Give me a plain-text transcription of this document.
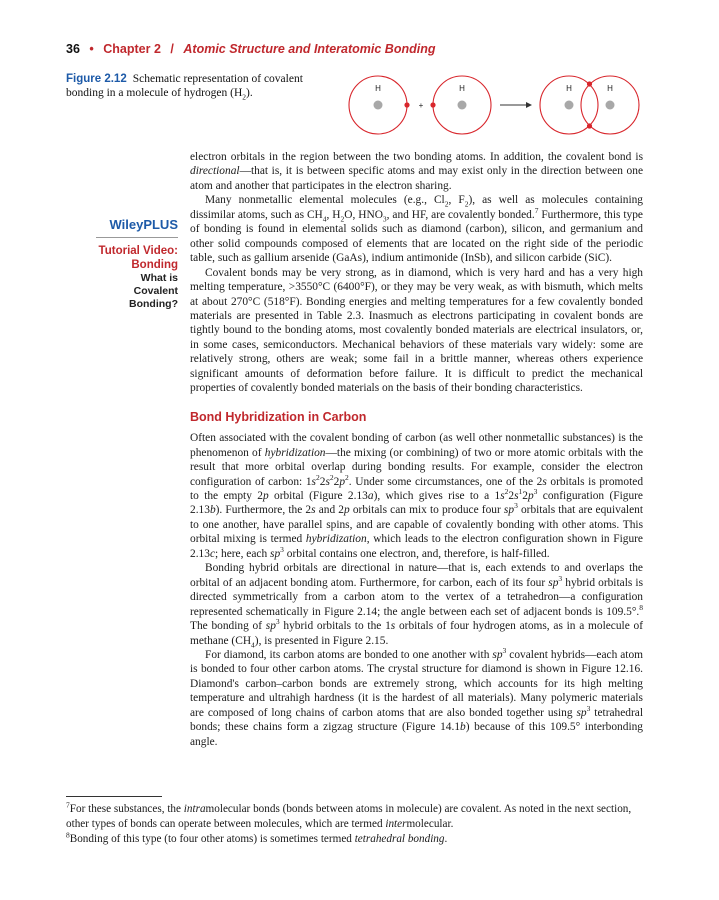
36 • Chapter 2 / Atomic Structure and Interatomic Bonding
Figure 2.12 Schematic representation of covalent bonding in a molecule of hydrogen $(H_2)$.	H
+
H	H	H
WileyPLUS
Tutorial Video:
Bonding
What is Covalent
Bonding?

electron orbitals in the region between the two bonding atoms. In addition, the covalent bond is directional—that is, it is between specific atoms and may exist only in the direction between one atom and another that participates in the electron sharing.

Many nonmetallic elemental molecules (e.g., $Cl_2$, $F_2$), as well as molecules containing dissimilar atoms, such as $CH_4$, $H_2O$, $HNO_3$, and HF, are covalently bonded.$^7$ Furthermore, this type of bonding is found in elemental solids such as diamond (carbon), silicon, and germanium and other solid compounds composed of elements that are located on the right side of the periodic table, such as gallium arsenide (GaAs), indium antimonide (InSb), and silicon carbide (SiC).

Covalent bonds may be very strong, as in diamond, which is very hard and has a very high melting temperature, >3550°C (6400°F), or they may be very weak, as with bismuth, which melts at about 270°C (518°F). Bonding energies and melting temperatures for a few covalently bonded materials are presented in Table 2.3. Inasmuch as electrons participating in covalent bonds are tightly bound to the bonding atoms, most covalently bonded materials are electrical insulators, or, in some cases, semiconductors. Mechanical behaviors of these materials vary widely: some are relatively strong, others are weak; some fail in a brittle manner, whereas others experience significant amounts of deformation before failure. It is difficult to predict the mechanical properties of covalently bonded materials on the basis of their bonding characteristics.

Bond Hybridization in Carbon

Often associated with the covalent bonding of carbon (as well other nonmetallic substances) is the phenomenon of hybridization—the mixing (or combining) of two or more atomic orbitals with the result that more orbital overlap during bonding results. For example, consider the electron configuration of carbon: $1s^22s^22p^2$. Under some circumstances, one of the 2s orbitals is promoted to the empty 2p orbital (Figure 2.13a), which gives rise to a $1s^22s^12p^3$ configuration (Figure 2.13b). Furthermore, the 2s and 2p orbitals can mix to produce four $sp^3$ orbitals that are equivalent to one another, have parallel spins, and are capable of covalently bonding with other atoms. This orbital mixing is termed hybridization, which leads to the electron configuration shown in Figure 2.13c; here, each $sp^3$ orbital contains one electron, and, therefore, is half-filled.

Bonding hybrid orbitals are directional in nature—that is, each extends to and overlaps the orbital of an adjacent bonding atom. Furthermore, for carbon, each of its four $sp^3$ hybrid orbitals is directed symmetrically from a carbon atom to the vertex of a tetrahedron—a configuration represented schematically in Figure 2.14; the angle between each set of adjacent bonds is 109.5°.$^8$ The bonding of $sp^3$ hybrid orbitals to the 1s orbitals of four hydrogen atoms, as in a molecule of methane $(CH_4)$, is presented in Figure 2.15.

For diamond, its carbon atoms are bonded to one another with $sp^3$ covalent hybrids—each atom is bonded to four other carbon atoms. The crystal structure for diamond is shown in Figure 12.16. Diamond's carbon–carbon bonds are extremely strong, which accounts for its high melting temperature and ultrahigh hardness (it is the hardest of all materials). Many polymeric materials are composed of long chains of carbon atoms that are also bonded together using $sp^3$ tetrahedral bonds; these chains form a zigzag structure (Figure 14.1b) because of this 109.5° interbonding angle.

$^7$For these substances, the intramolecular bonds (bonds between atoms in molecule) are covalent. As noted in the next section, other types of bonds can operate between molecules, which are termed intermolecular.

$^8$Bonding of this type (to four other atoms) is sometimes termed tetrahedral bonding.
